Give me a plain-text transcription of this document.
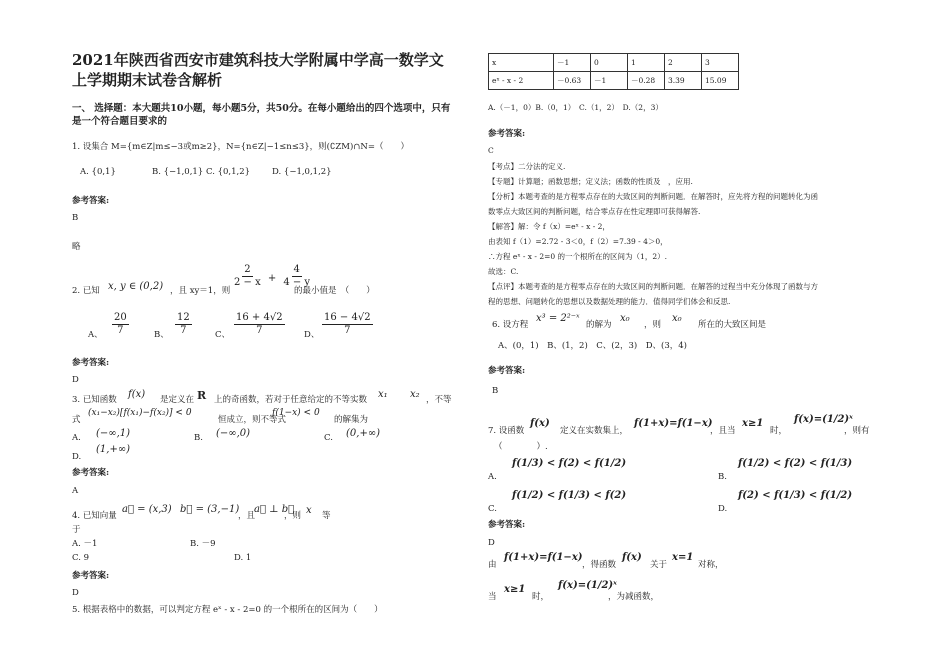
2021年陕西省西安市建筑科技大学附属中学高一数学文上学期期末试卷含解析
一、 选择题：本大题共10小题，每小题5分，共50分。在每小题给出的四个选项中，只有是一个符合题目要求的
1. 设集合 M={m∈Z|m≤−3或m≥2}，N={n∈Z|−1≤n≤3}，则(∁ZM)∩N=（　　）
A. {0,1}	B. {−1,0,1} C. {0,1,2}	D. {−1,0,1,2}
参考答案:
B
略
2. 已知 x, y ∈ (0,2) ，且 xy＝1，则
$\frac{2}{2 - x} + \frac{4}{4 - y}$
的最小值是　（　　）
A、 $\frac{20}{7}$	B、 $\frac{12}{7}$	C、 $\frac{16 + 4√2}{7}$ D、 $\frac{16 - 4√2}{7}$
参考答案:
D
3. 已知函数 f(x) 是定义在 R 上的奇函数，若对于任意给定的不等实数 x₁ x₂ ，不等
式
(x₁−x₂)[f(x₁)−f(x₂)] < 0
恒成立，则不等式
f(1−x) < 0
的解集为
A. (−∞,1)	B. (−∞,0)	C. (0,+∞)
D.
(1,+∞)
参考答案:
A
4. 已知向量
a⃗ = (x,3) b⃗ = (3,−1)
，且
a⃗ ⊥ b⃗
，则 x 等
于
A. －1	B. －9
C. 9	D. 1
参考答案:
D
5. 根据表格中的数据，可以判定方程 eˣ - x - 2=0 的一个根所在的区间为（　　）
x	－1	0	1	2	3
eˣ - x - 2	－0.63	－1	－0.28	3.39	15.09
A.（－1，0）B.（0，1）　C.（1，2）　D.（2，3）
参考答案:
C
【考点】二分法的定义.
【专题】计算题；函数思想；定义法；函数的性质及　，应用.
【分析】本题考查的是方程零点存在的大致区间的判断问题．在解答时，应先将方程的问题转化为函
数零点大致区间的判断问题，结合零点存在性定理即可获得解答.
【解答】解：令 f（x）=eˣ - x - 2，
由表知 f（1）=2.72 - 3＜0，f（2）=7.39 - 4＞0，
∴方程 eˣ - x - 2=0 的一个根所在的区间为（1，2）.
故选：C.
【点评】本题考查的是方程零点存在的大致区间的判断问题．在解答的过程当中充分体现了函数与方
程的思想、问题转化的思想以及数据处理的能力．值得同学们体会和反思.
6. 设方程
x³ = 2²⁻ˣ
的解为
x₀
，则
x₀
所在的大致区间是
A、(0，1)　B、(1，2)　C、(2，3)　D、(3，4)
参考答案:
B
7. 设函数
f(x)
定义在实数集上，
f(1+x)=f(1−x)
，且当
x≥1
时，
f(x)=(1/2)ˣ
，则有
（　　　　）.
A.
f(1/3) < f(2) < f(1/2)
B.
f(1/2) < f(2) < f(1/3)
C.
f(1/2) < f(1/3) < f(2)
D.
f(2) < f(1/3) < f(1/2)
参考答案:
D
由
f(1+x)=f(1−x)
，得函数
f(x)
关于
x=1
对称，
当
x≥1
时，
f(x)=(1/2)ˣ
，为减函数，
